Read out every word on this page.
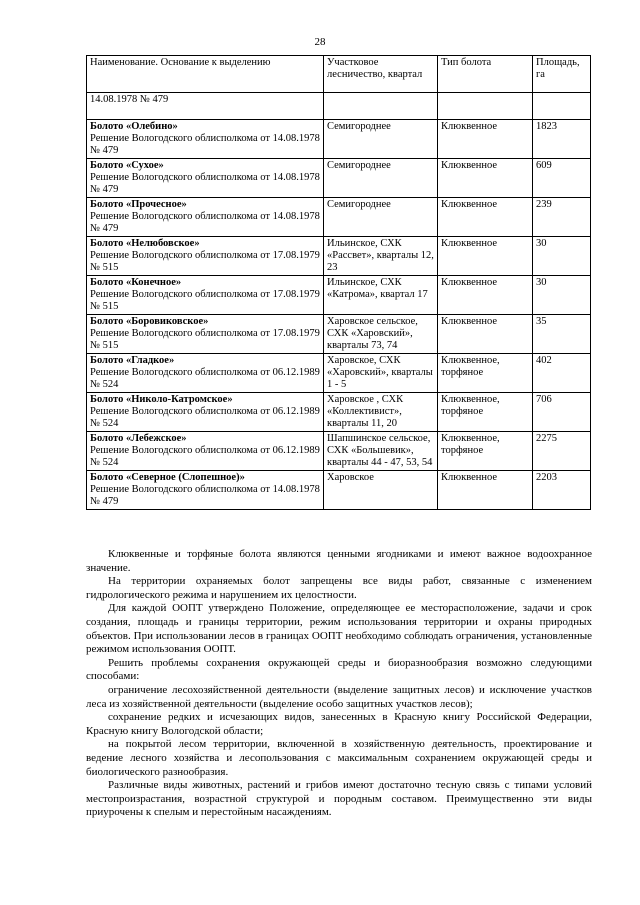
28
Наименование. Основание к выделению	Участковое лесничество, квартал	Тип болота	Площадь, га
14.08.1978 № 479			

Болото «Олебино»
Решение Вологодского облисполкома от 14.08.1978 № 479	Семигороднее	Клюквенное	1823

Болото «Сухое»
Решение Вологодского облисполкома от 14.08.1978 № 479	Семигороднее	Клюквенное	609

Болото «Прочесное»
Решение Вологодского облисполкома от 14.08.1978 № 479	Семигороднее	Клюквенное	239

Болото «Нелюбовское»
Решение Вологодского облисполкома от 17.08.1979 № 515	Ильинское, СХК «Рассвет», кварталы 12, 23	Клюквенное	30

Болото «Конечное»
Решение Вологодского облисполкома от 17.08.1979 № 515	Ильинское, СХК «Катрома», квартал 17	Клюквенное	30

Болото «Боровиковское»
Решение Вологодского облисполкома от 17.08.1979 № 515	Харовское сельское, СХК «Харовский», кварталы 73, 74	Клюквенное	35

Болото «Гладкое»
Решение Вологодского облисполкома от 06.12.1989 № 524	Харовское, СХК «Харовский», кварталы 1 - 5	Клюквенное, торфяное	402

Болото «Николо-Катромское»
Решение Вологодского облисполкома от 06.12.1989 № 524	Харовское , СХК «Коллективист», кварталы 11, 20	Клюквенное, торфяное	706

Болото «Лебежское»
Решение Вологодского облисполкома от 06.12.1989 № 524	Шапшинское сельское, СХК «Большевик», кварталы 44 - 47, 53, 54	Клюквенное, торфяное	2275

Болото «Северное (Слопешное)»
Решение Вологодского облисполкома от 14.08.1978 № 479	Харовское	Клюквенное	2203

Клюквенные и торфяные болота являются ценными ягодниками и имеют важное водоохранное значение.

На территории охраняемых болот запрещены все виды работ, связанные с изменением гидрологического режима и нарушением их целостности.

Для каждой ООПТ утверждено Положение, определяющее ее месторасположение, задачи и срок создания, площадь и границы территории, режим использования территории и охраны природных объектов. При использовании лесов в границах ООПТ необходимо соблюдать ограничения, установленные режимом использования ООПТ.

Решить проблемы сохранения окружающей среды и биоразнообразия возможно следующими способами:

ограничение лесохозяйственной деятельности (выделение защитных лесов) и исключение участков леса из хозяйственной деятельности (выделение особо защитных участков лесов);

сохранение редких и исчезающих видов, занесенных в Красную книгу Российской Федерации, Красную книгу Вологодской области;

на покрытой лесом территории, включенной в хозяйственную деятельность, проектирование и ведение лесного хозяйства и лесопользования с максимальным сохранением окружающей среды и биологического разнообразия.

Различные виды животных, растений и грибов имеют достаточно тесную связь с типами условий местопроизрастания, возрастной структурой и породным составом. Преимущественно эти виды приурочены к спелым и перестойным насаждениям.
